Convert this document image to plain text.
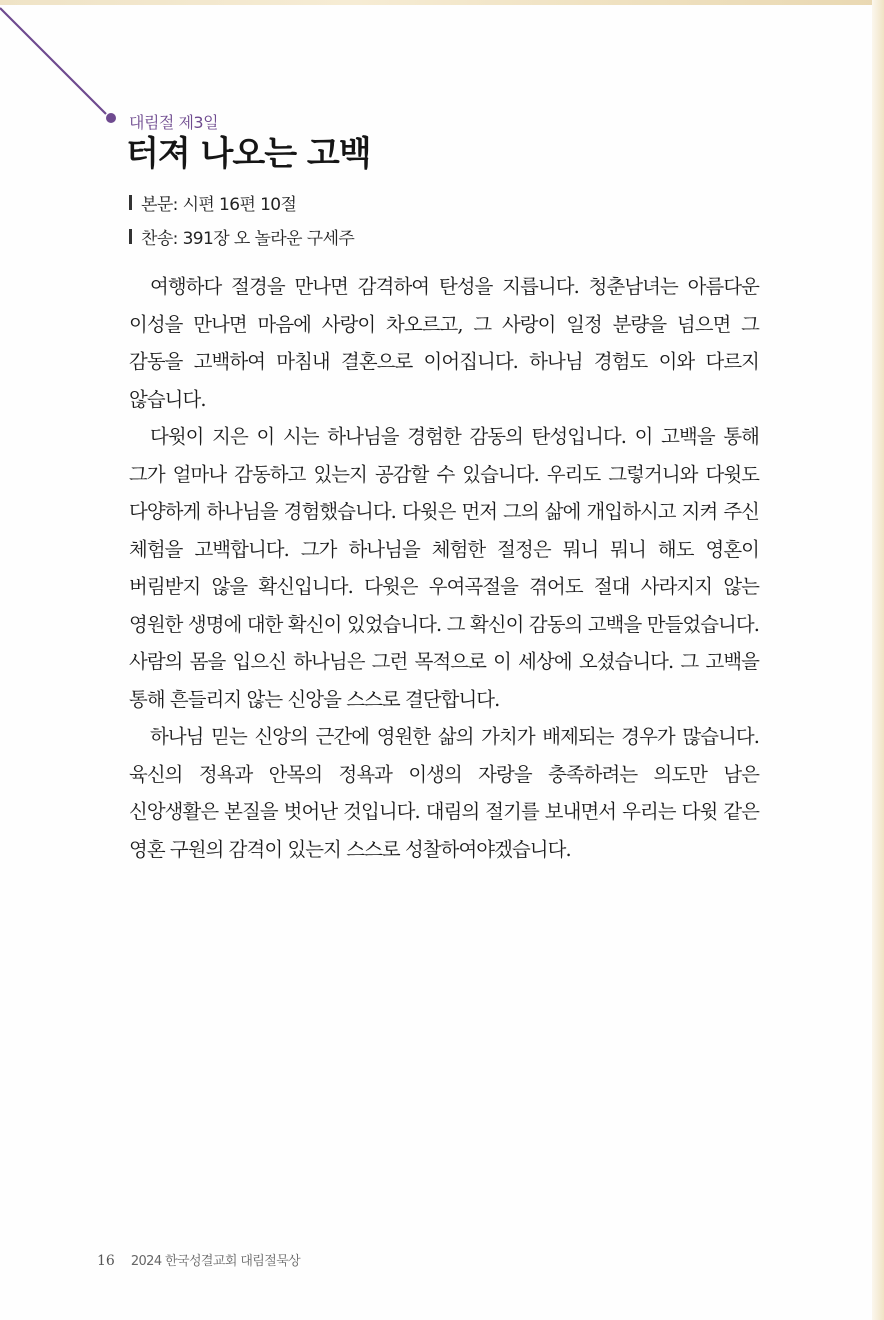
대림절 제3일
터져 나오는 고백
본문: 시편 16편 10절
찬송: 391장 오 놀라운 구세주

여행하다 절경을 만나면 감격하여 탄성을 지릅니다. 청춘남녀는 아름다운 이성을 만나면 마음에 사랑이 차오르고, 그 사랑이 일정 분량을 넘으면 그 감동을 고백하여 마침내 결혼으로 이어집니다. 하나님 경험도 이와 다르지 않습니다.

다윗이 지은 이 시는 하나님을 경험한 감동의 탄성입니다. 이 고백을 통해 그가 얼마나 감동하고 있는지 공감할 수 있습니다. 우리도 그렇거니와 다윗도 다양하게 하나님을 경험했습니다. 다윗은 먼저 그의 삶에 개입하시고 지켜 주신 체험을 고백합니다. 그가 하나님을 체험한 절정은 뭐니 뭐니 해도 영혼이 버림받지 않을 확신입니다. 다윗은 우여곡절을 겪어도 절대 사라지지 않는 영원한 생명에 대한 확신이 있었습니다. 그 확신이 감동의 고백을 만들었습니다. 사람의 몸을 입으신 하나님은 그런 목적으로 이 세상에 오셨습니다. 그 고백을 통해 흔들리지 않는 신앙을 스스로 결단합니다.

하나님 믿는 신앙의 근간에 영원한 삶의 가치가 배제되는 경우가 많습니다. 육신의 정욕과 안목의 정욕과 이생의 자랑을 충족하려는 의도만 남은 신앙생활은 본질을 벗어난 것입니다. 대림의 절기를 보내면서 우리는 다윗 같은 영혼 구원의 감격이 있는지 스스로 성찰하여야겠습니다.

16 2024 한국성결교회 대림절묵상
